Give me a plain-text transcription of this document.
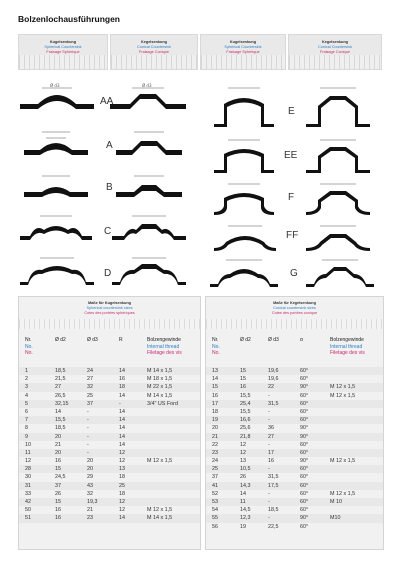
Bolzenlochausführungen
Kugelsenkung
Spherical Countersink
Fraisage Sphérique
Kegelsenkung
Conical Countersink
Fraisage Conique
Kugelsenkung
Spherical Countersink
Fraisage Sphérique
Kegelsenkung
Conical Countersink
Fraisage Conique
Ø d3	Ø d3
AA
A
B
C
D
E
EE
F
FF
G
Maße für Kugelsenkung
Spherical countersink sizes
Cotes des portées sphériques
Nr.
No.
No.
Ø d2	Ø d3	R	Bolzengewinde
Internal thread
Filetage des vis
1	18,5	24	14	M 14 x 1,5
2	21,5	27	16	M 18 x 1,5
3	27	32	18	M 22 x 1,5
4	26,5	25	14	M 14 x 1,5
5	32,15	37	-	3/4" US Ford
6	14	-	14
7	15,5	-	14
8	18,5	-	14
9	20	-	14
10	21	-	14
11	20	-	12
12	16	20	12	M 12 x 1,5
28	15	20	13
30	24,5	29	18
31	37	43	25
33	26	32	18
42	15	19,3	12
50	16	21	12	M 12 x 1,5
51	16	23	14	M 14 x 1,5
Maße für Kegelsenkung
Conical countersink sizes
Cotes des portées conique
Nr.
No.
No.
Ø d2	Ø d3	α	Bolzengewinde
Internal thread
Filetage des vis
13	15	19,6	60°
14	15	19,6	60°
15	16	22	90°	M 12 x 1,5
16	15,5	-	60°	M 12 x 1,5
17	25,4	31,5	60°
18	15,5	-	60°
19	16,6	-	60°
20	25,6	36	90°
21	21,8	27	90°
22	12	-	60°
23	12	17	60°
24	13	16	90°	M 12 x 1,5
25	10,5	-	60°
37	26	31,5	60°
41	14,3	17,5	60°
52	14	-	60°	M 12 x 1,5
53	11	-	60°	M 10
54	14,5	18,5	60°
55	12,3	-	90°	M10
56	19	22,5	60°
